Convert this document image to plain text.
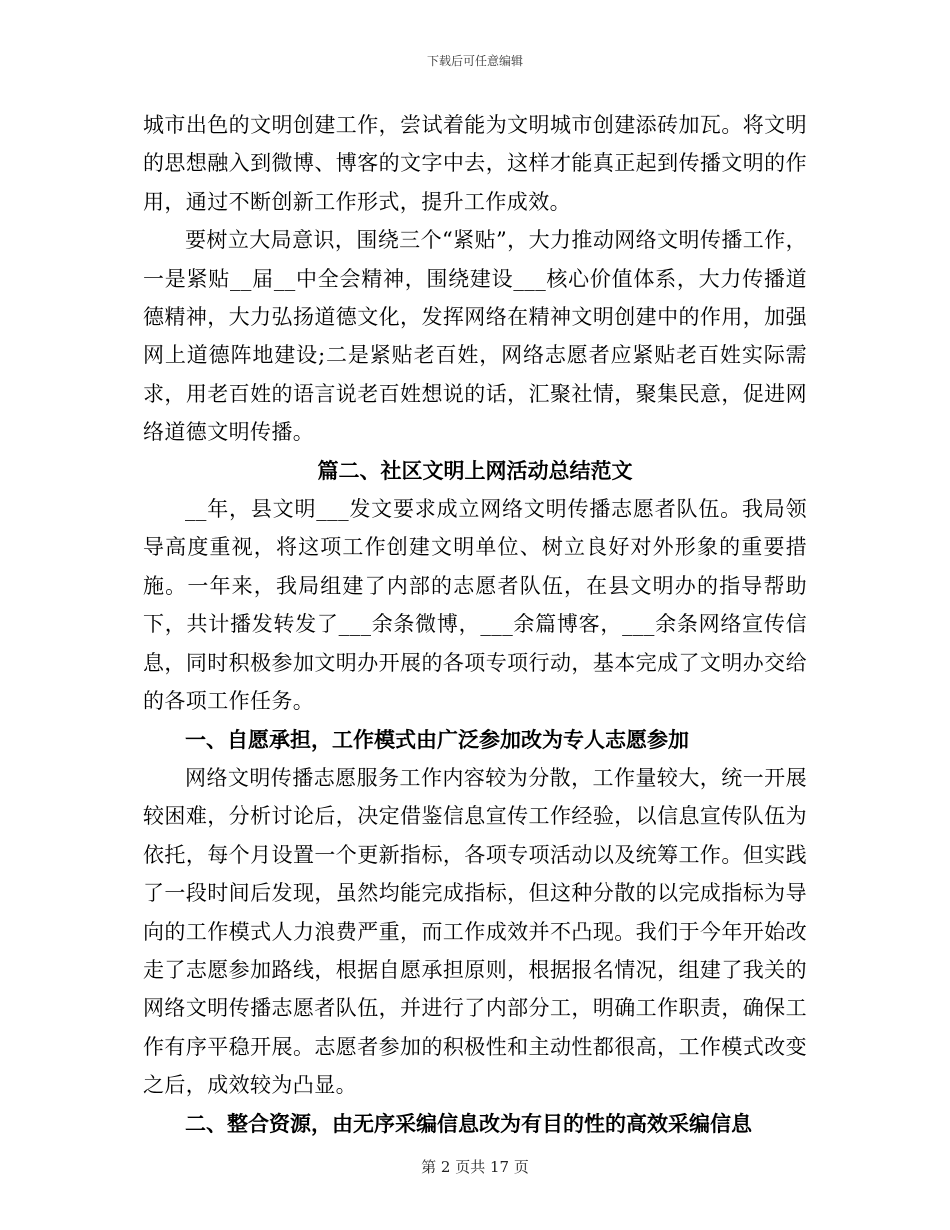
下载后可任意编辑

城市出色的文明创建工作，尝试着能为文明城市创建添砖加瓦。将文明的思想融入到微博、博客的文字中去，这样才能真正起到传播文明的作用，通过不断创新工作形式，提升工作成效。

要树立大局意识，围绕三个“紧贴”，大力推动网络文明传播工作，一是紧贴__届__中全会精神，围绕建设___核心价值体系，大力传播道德精神，大力弘扬道德文化，发挥网络在精神文明创建中的作用，加强网上道德阵地建设;二是紧贴老百姓，网络志愿者应紧贴老百姓实际需求，用老百姓的语言说老百姓想说的话，汇聚社情，聚集民意，促进网络道德文明传播。

篇二、社区文明上网活动总结范文

__年，县文明___发文要求成立网络文明传播志愿者队伍。我局领导高度重视，将这项工作创建文明单位、树立良好对外形象的重要措施。一年来，我局组建了内部的志愿者队伍，在县文明办的指导帮助下，共计播发转发了___余条微博，___余篇博客，___余条网络宣传信息，同时积极参加文明办开展的各项专项行动，基本完成了文明办交给的各项工作任务。

一、自愿承担，工作模式由广泛参加改为专人志愿参加

网络文明传播志愿服务工作内容较为分散，工作量较大，统一开展较困难，分析讨论后，决定借鉴信息宣传工作经验，以信息宣传队伍为依托，每个月设置一个更新指标，各项专项活动以及统筹工作。但实践了一段时间后发现，虽然均能完成指标，但这种分散的以完成指标为导向的工作模式人力浪费严重，而工作成效并不凸现。我们于今年开始改走了志愿参加路线，根据自愿承担原则，根据报名情况，组建了我关的网络文明传播志愿者队伍，并进行了内部分工，明确工作职责，确保工作有序平稳开展。志愿者参加的积极性和主动性都很高，工作模式改变之后，成效较为凸显。

二、整合资源，由无序采编信息改为有目的性的高效采编信息

第 2 页共 17 页
